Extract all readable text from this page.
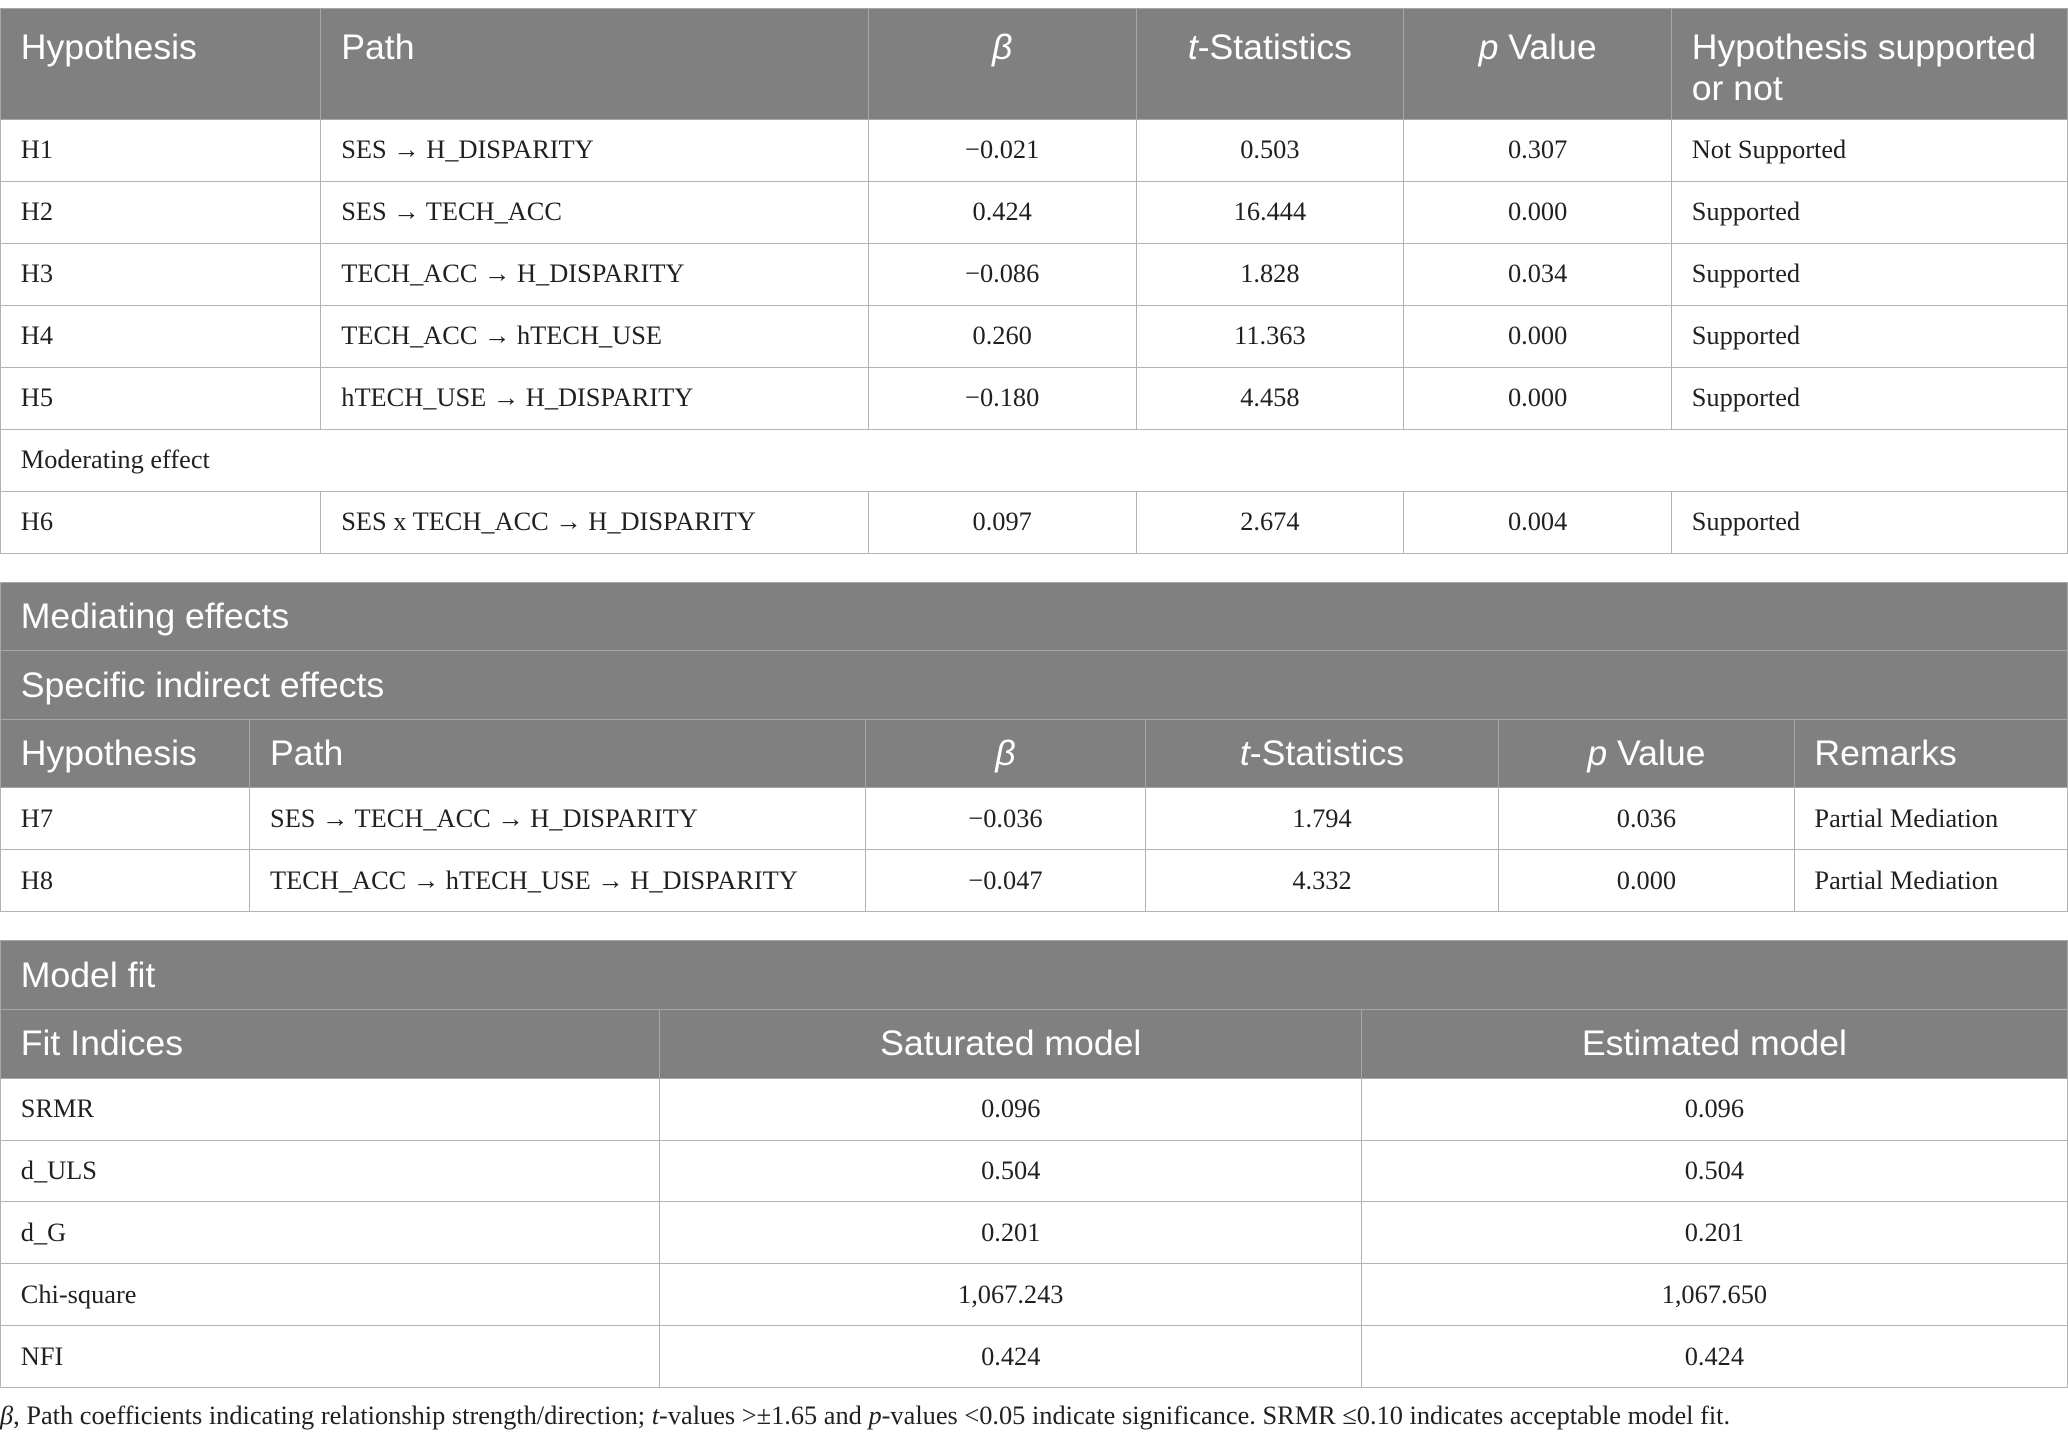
Hypothesis	Path	β	t-Statistics	p Value	Hypothesis supported or not
H1	SES → H_DISPARITY	−0.021	0.503	0.307	Not Supported
H2	SES → TECH_ACC	0.424	16.444	0.000	Supported
H3	TECH_ACC → H_DISPARITY	−0.086	1.828	0.034	Supported
H4	TECH_ACC → hTECH_USE	0.260	11.363	0.000	Supported
H5	hTECH_USE → H_DISPARITY	−0.180	4.458	0.000	Supported
Moderating effect					
H6	SES x TECH_ACC → H_DISPARITY	0.097	2.674	0.004	Supported
Mediating effects					
Specific indirect effects					
Hypothesis	Path	β	t-Statistics	p Value	Remarks
H7	SES → TECH_ACC → H_DISPARITY	−0.036	1.794	0.036	Partial Mediation
H8	TECH_ACC → hTECH_USE → H_DISPARITY	−0.047	4.332	0.000	Partial Mediation
Model fit		
Fit Indices	Saturated model	Estimated model
SRMR	0.096	0.096
d_ULS	0.504	0.504
d_G	0.201	0.201
Chi-square	1,067.243	1,067.650
NFI	0.424	0.424
β, Path coefficients indicating relationship strength/direction; t-values >±1.65 and p-values <0.05 indicate significance. SRMR ≤0.10 indicates acceptable model fit.
